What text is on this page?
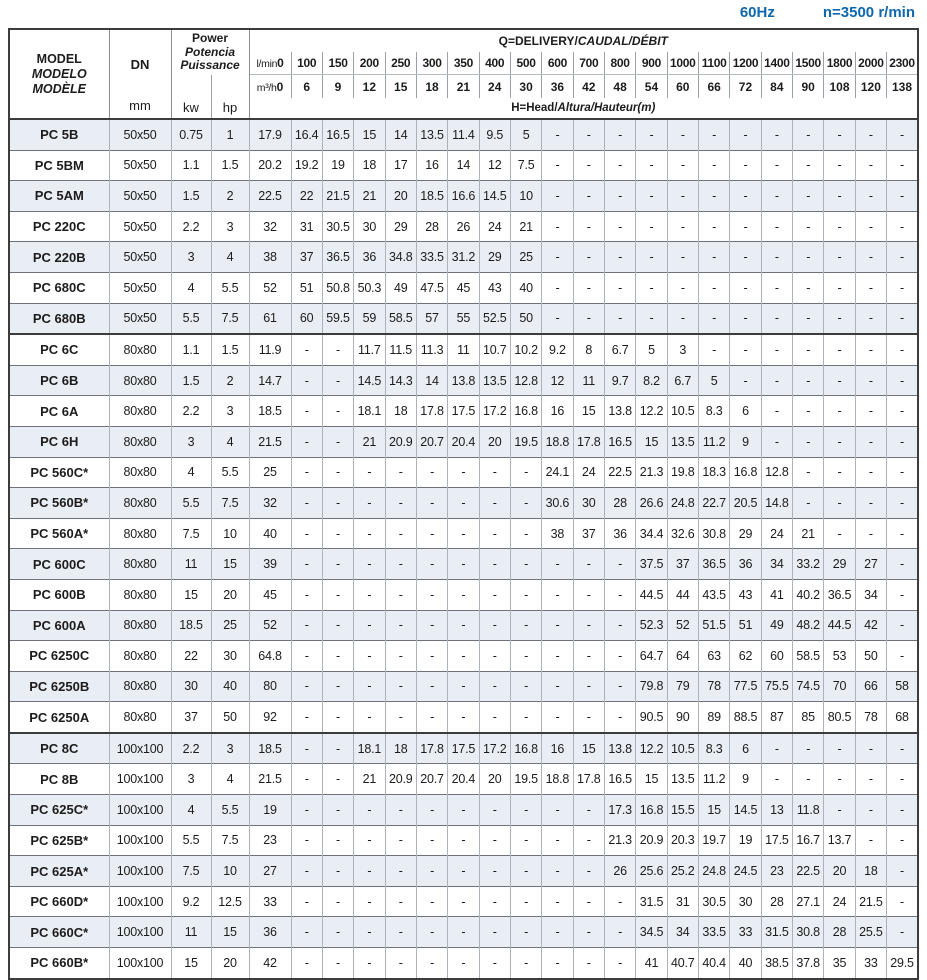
60Hz	n=3500 r/min
MODEL
MODELO
MODÈLE	DN
mm	Power
Potencia
Puissance		Q=DELIVERY/CAUDAL/DÉBIT																				
				l/min0	100	150	200	250	300	350	400	500	600	700	800	900	1000	1100	1200	1400	1500	1800	2000	2300
		kw	hp	m³/h0	6	9	12	15	18	21	24	30	36	42	48	54	60	66	72	84	90	108	120	138
				H=Head/Altura/Hauteur(m)																				
PC 5B	50x50	0.75	1	17.9	16.4	16.5	15	14	13.5	11.4	9.5	5	-	-	-	-	-	-	-	-	-	-	-	-
PC 5BM	50x50	1.1	1.5	20.2	19.2	19	18	17	16	14	12	7.5	-	-	-	-	-	-	-	-	-	-	-	-
PC 5AM	50x50	1.5	2	22.5	22	21.5	21	20	18.5	16.6	14.5	10	-	-	-	-	-	-	-	-	-	-	-	-
PC 220C	50x50	2.2	3	32	31	30.5	30	29	28	26	24	21	-	-	-	-	-	-	-	-	-	-	-	-
PC 220B	50x50	3	4	38	37	36.5	36	34.8	33.5	31.2	29	25	-	-	-	-	-	-	-	-	-	-	-	-
PC 680C	50x50	4	5.5	52	51	50.8	50.3	49	47.5	45	43	40	-	-	-	-	-	-	-	-	-	-	-	-
PC 680B	50x50	5.5	7.5	61	60	59.5	59	58.5	57	55	52.5	50	-	-	-	-	-	-	-	-	-	-	-	-
PC 6C	80x80	1.1	1.5	11.9	-	-	11.7	11.5	11.3	11	10.7	10.2	9.2	8	6.7	5	3	-	-	-	-	-	-	-
PC 6B	80x80	1.5	2	14.7	-	-	14.5	14.3	14	13.8	13.5	12.8	12	11	9.7	8.2	6.7	5	-	-	-	-	-	-
PC 6A	80x80	2.2	3	18.5	-	-	18.1	18	17.8	17.5	17.2	16.8	16	15	13.8	12.2	10.5	8.3	6	-	-	-	-	-
PC 6H	80x80	3	4	21.5	-	-	21	20.9	20.7	20.4	20	19.5	18.8	17.8	16.5	15	13.5	11.2	9	-	-	-	-	-
PC 560C*	80x80	4	5.5	25	-	-	-	-	-	-	-	-	24.1	24	22.5	21.3	19.8	18.3	16.8	12.8	-	-	-	-
PC 560B*	80x80	5.5	7.5	32	-	-	-	-	-	-	-	-	30.6	30	28	26.6	24.8	22.7	20.5	14.8	-	-	-	-
PC 560A*	80x80	7.5	10	40	-	-	-	-	-	-	-	-	38	37	36	34.4	32.6	30.8	29	24	21	-	-	-
PC 600C	80x80	11	15	39	-	-	-	-	-	-	-	-	-	-	-	37.5	37	36.5	36	34	33.2	29	27	-
PC 600B	80x80	15	20	45	-	-	-	-	-	-	-	-	-	-	-	44.5	44	43.5	43	41	40.2	36.5	34	-
PC 600A	80x80	18.5	25	52	-	-	-	-	-	-	-	-	-	-	-	52.3	52	51.5	51	49	48.2	44.5	42	-
PC 6250C	80x80	22	30	64.8	-	-	-	-	-	-	-	-	-	-	-	64.7	64	63	62	60	58.5	53	50	-
PC 6250B	80x80	30	40	80	-	-	-	-	-	-	-	-	-	-	-	79.8	79	78	77.5	75.5	74.5	70	66	58
PC 6250A	80x80	37	50	92	-	-	-	-	-	-	-	-	-	-	-	90.5	90	89	88.5	87	85	80.5	78	68
PC 8C	100x100	2.2	3	18.5	-	-	18.1	18	17.8	17.5	17.2	16.8	16	15	13.8	12.2	10.5	8.3	6	-	-	-	-	-
PC 8B	100x100	3	4	21.5	-	-	21	20.9	20.7	20.4	20	19.5	18.8	17.8	16.5	15	13.5	11.2	9	-	-	-	-	-
PC 625C*	100x100	4	5.5	19	-	-	-	-	-	-	-	-	-	-	17.3	16.8	15.5	15	14.5	13	11.8	-	-	-
PC 625B*	100x100	5.5	7.5	23	-	-	-	-	-	-	-	-	-	-	21.3	20.9	20.3	19.7	19	17.5	16.7	13.7	-	-
PC 625A*	100x100	7.5	10	27	-	-	-	-	-	-	-	-	-	-	26	25.6	25.2	24.8	24.5	23	22.5	20	18	-
PC 660D*	100x100	9.2	12.5	33	-	-	-	-	-	-	-	-	-	-	-	31.5	31	30.5	30	28	27.1	24	21.5	-
PC 660C*	100x100	11	15	36	-	-	-	-	-	-	-	-	-	-	-	34.5	34	33.5	33	31.5	30.8	28	25.5	-
PC 660B*	100x100	15	20	42	-	-	-	-	-	-	-	-	-	-	-	41	40.7	40.4	40	38.5	37.8	35	33	29.5
